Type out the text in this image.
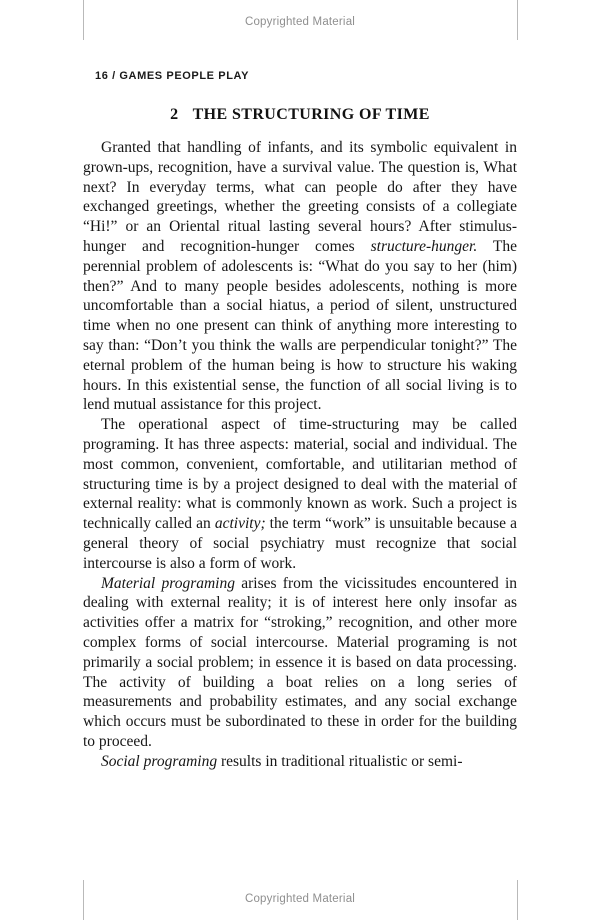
Copyrighted Material
16 / GAMES PEOPLE PLAY
2 THE STRUCTURING OF TIME

Granted that handling of infants, and its symbolic equivalent in grown-ups, recognition, have a survival value. The question is, What next? In everyday terms, what can people do after they have exchanged greetings, whether the greeting consists of a collegiate “Hi!” or an Oriental ritual lasting several hours? After stimulus-hunger and recognition-hunger comes structure-hunger. The perennial problem of adolescents is: “What do you say to her (him) then?” And to many people besides adolescents, nothing is more uncomfortable than a social hiatus, a period of silent, unstructured time when no one present can think of anything more interesting to say than: “Don’t you think the walls are perpendicular tonight?” The eternal problem of the human being is how to structure his waking hours. In this existential sense, the function of all social living is to lend mutual assistance for this project.

The operational aspect of time-structuring may be called programing. It has three aspects: material, social and individual. The most common, convenient, comfortable, and utilitarian method of structuring time is by a project designed to deal with the material of external reality: what is commonly known as work. Such a project is technically called an activity; the term “work” is unsuitable because a general theory of social psychiatry must recognize that social intercourse is also a form of work.

Material programing arises from the vicissitudes encountered in dealing with external reality; it is of interest here only insofar as activities offer a matrix for “stroking,” recognition, and other more complex forms of social intercourse. Material programing is not primarily a social problem; in essence it is based on data processing. The activity of building a boat relies on a long series of measurements and probability estimates, and any social exchange which occurs must be subordinated to these in order for the building to proceed.

Social programing results in traditional ritualistic or semi-

Copyrighted Material
